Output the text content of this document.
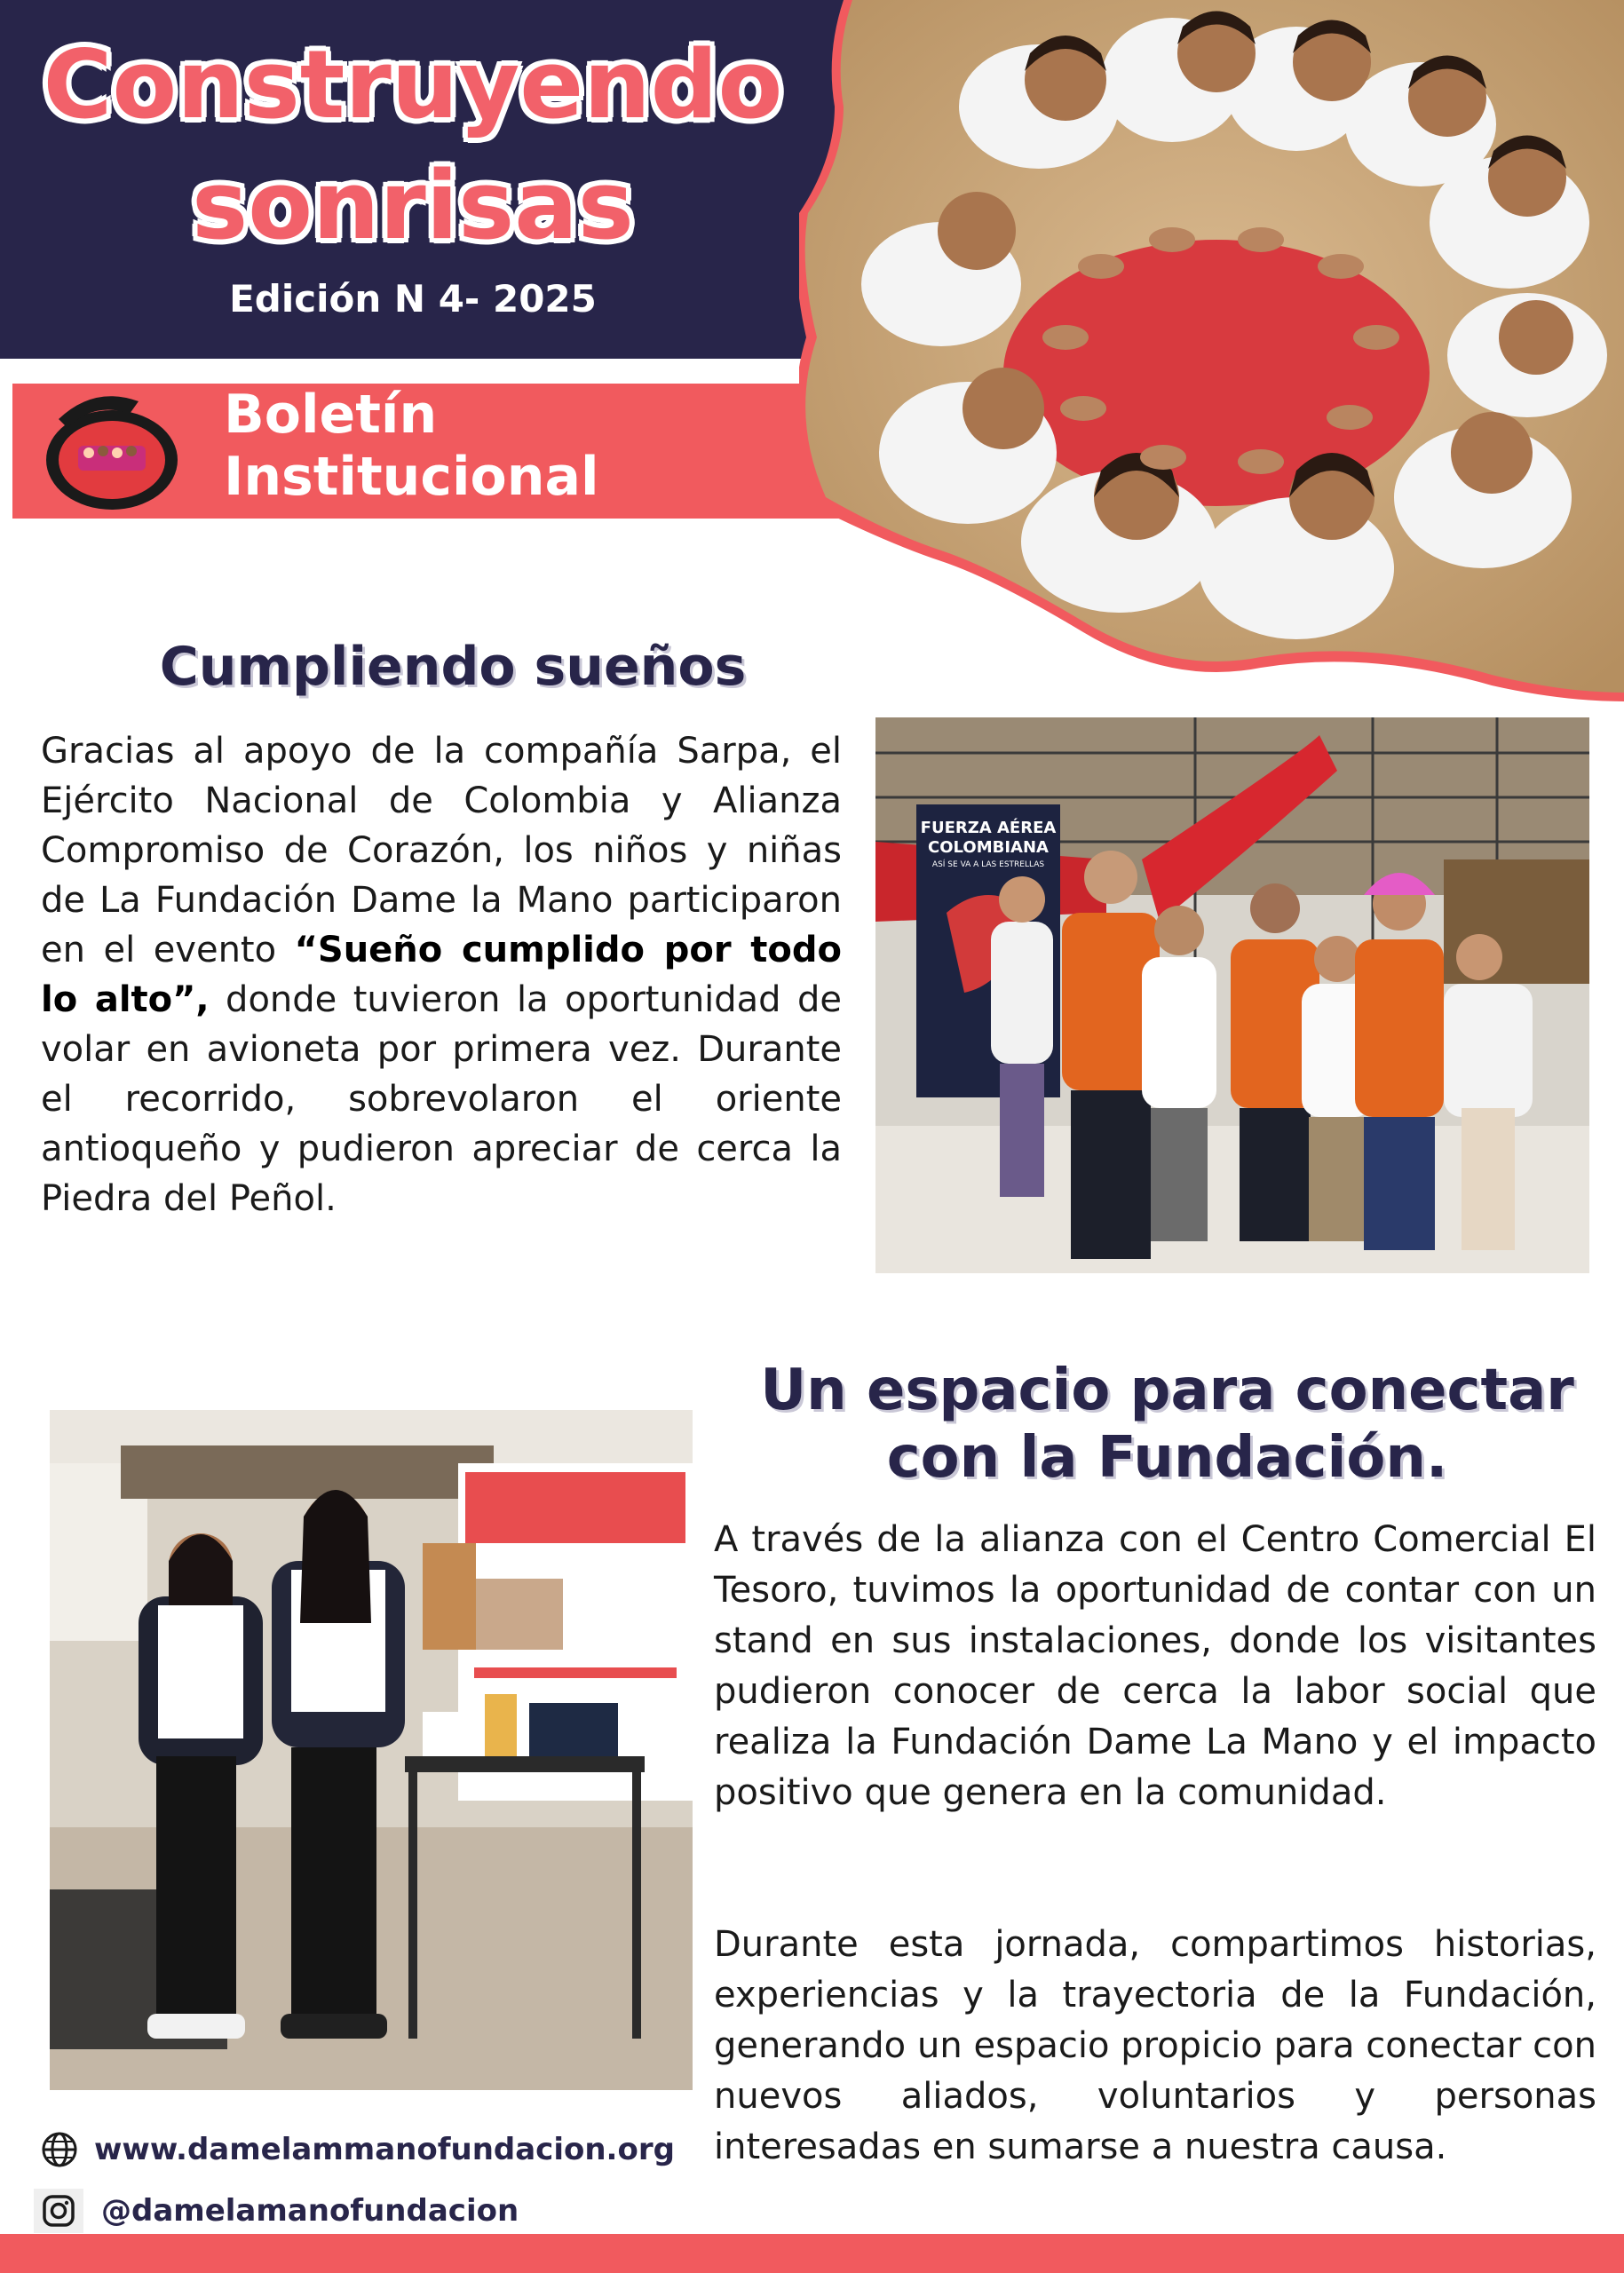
Construyendo
sonrisas
Edición N 4- 2025
Boletín
Institucional
Cumpliendo sueños
Gracias al apoyo de la compañía Sarpa, el Ejército Nacional de Colombia y Alianza Compromiso de Corazón, los niños y niñas de La Fundación Dame la Mano participaron en el evento “Sueño cumplido por todo lo alto”, donde tuvieron la oportunidad de volar en avioneta por primera vez. Durante el recorrido, sobrevolaron el oriente antioqueño y pudieron apreciar de cerca la Piedra del Peñol.
FUERZA AÉREA
COLOMBIANA
ASÍ SE VA A LAS ESTRELLAS
Un espacio para conectar
con la Fundación.
A través de la alianza con el Centro Comercial El Tesoro, tuvimos la oportunidad de contar con un stand en sus instalaciones, donde los visitantes pudieron conocer de cerca la labor social que realiza la Fundación Dame La Mano y el impacto positivo que genera en la comunidad.
Durante esta jornada, compartimos historias, experiencias y la trayectoria de la Fundación, generando un espacio propicio para conectar con nuevos aliados, voluntarios y personas interesadas en sumarse a nuestra causa.
www.damelammanofundacion.org
@damelamanofundacion
